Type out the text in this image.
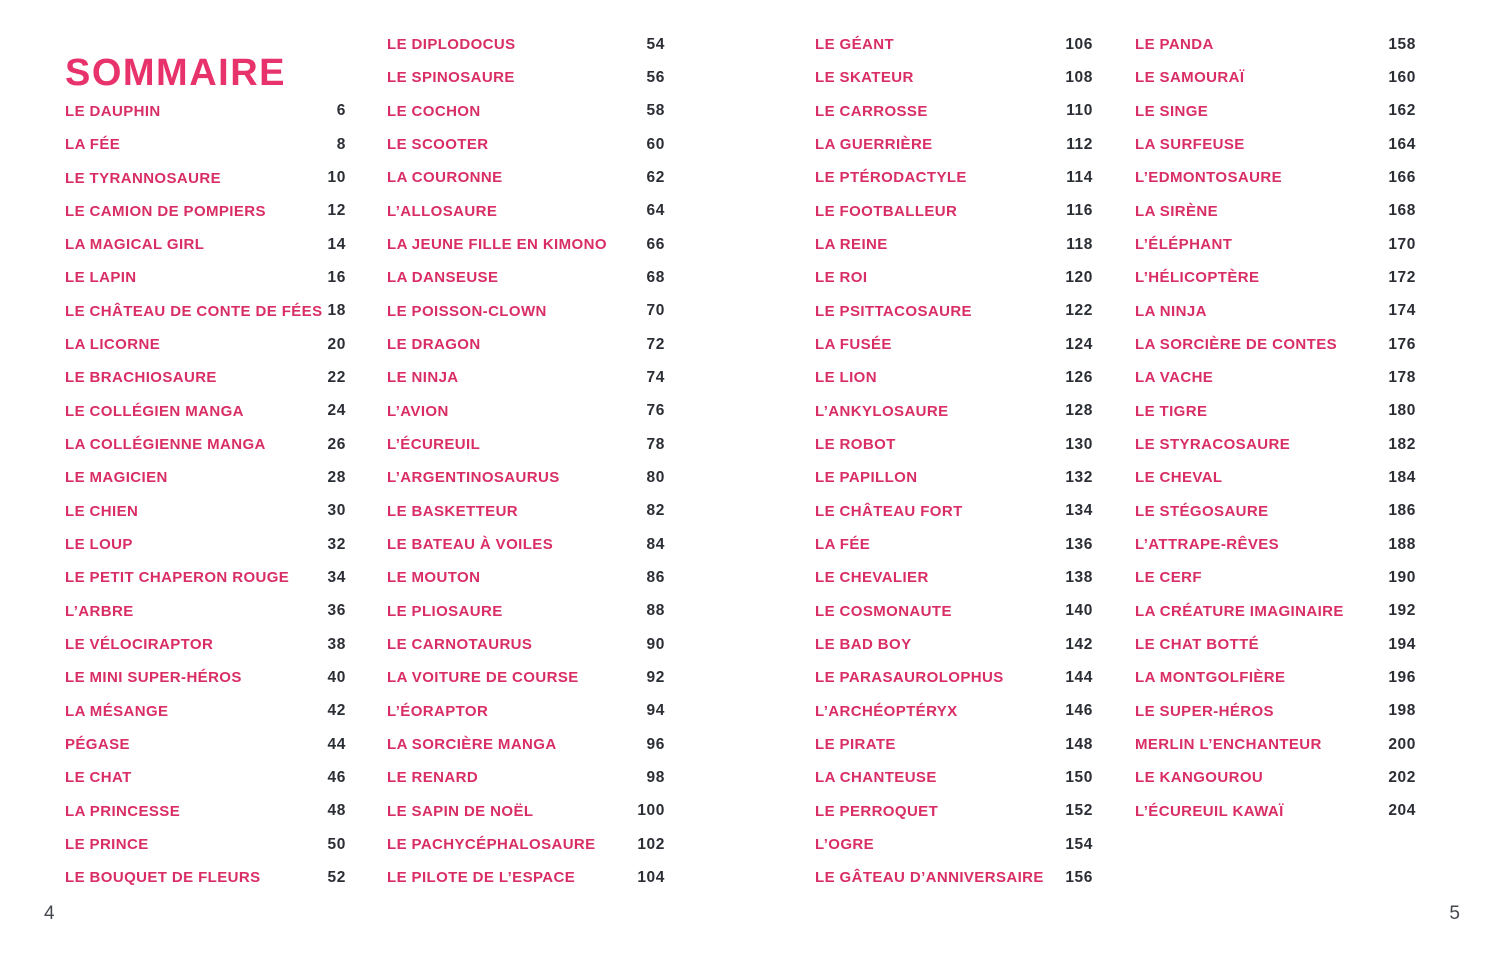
SOMMAIRE
LE DAUPHIN	6
LA FÉE	8
LE TYRANNOSAURE	10
LE CAMION DE POMPIERS	12
LA MAGICAL GIRL	14
LE LAPIN	16
LE CHÂTEAU DE CONTE DE FÉES 18
LA LICORNE	20
LE BRACHIOSAURE	22
LE COLLÉGIEN MANGA	24
LA COLLÉGIENNE MANGA	26
LE MAGICIEN	28
LE CHIEN	30
LE LOUP	32
LE PETIT CHAPERON ROUGE 34
L’ARBRE	36
LE VÉLOCIRAPTOR	38
LE MINI SUPER-HÉROS	40
LA MÉSANGE	42
PÉGASE	44
LE CHAT	46
LA PRINCESSE	48
LE PRINCE	50
LE BOUQUET DE FLEURS	52
LE DIPLODOCUS	54
LE SPINOSAURE	56
LE COCHON	58
LE SCOOTER	60
LA COURONNE	62
L’ALLOSAURE	64
LA JEUNE FILLE EN KIMONO	66
LA DANSEUSE	68
LE POISSON-CLOWN	70
LE DRAGON	72
LE NINJA	74
L’AVION	76
L’ÉCUREUIL	78
L’ARGENTINOSAURUS	80
LE BASKETTEUR	82
LE BATEAU À VOILES	84
LE MOUTON	86
LE PLIOSAURE	88
LE CARNOTAURUS	90
LA VOITURE DE COURSE	92
L’ÉORAPTOR	94
LA SORCIÈRE MANGA	96
LE RENARD	98
LE SAPIN DE NOËL	100
LE PACHYCÉPHALOSAURE	102
LE PILOTE DE L’ESPACE	104
LE GÉANT	106
LE SKATEUR	108
LE CARROSSE	110
LA GUERRIÈRE	112
LE PTÉRODACTYLE	114
LE FOOTBALLEUR	116
LA REINE	118
LE ROI	120
LE PSITTACOSAURE	122
LA FUSÉE	124
LE LION	126
L’ANKYLOSAURE	128
LE ROBOT	130
LE PAPILLON	132
LE CHÂTEAU FORT	134
LA FÉE	136
LE CHEVALIER	138
LE COSMONAUTE	140
LE BAD BOY	142
LE PARASAUROLOPHUS	144
L’ARCHÉOPTÉRYX	146
LE PIRATE	148
LA CHANTEUSE	150
LE PERROQUET	152
L’OGRE	154
LE GÂTEAU D’ANNIVERSAIRE 156
LE PANDA	158
LE SAMOURAÏ	160
LE SINGE	162
LA SURFEUSE	164
L’EDMONTOSAURE	166
LA SIRÈNE	168
L’ÉLÉPHANT	170
L’HÉLICOPTÈRE	172
LA NINJA	174
LA SORCIÈRE DE CONTES	176
LA VACHE	178
LE TIGRE	180
LE STYRACOSAURE	182
LE CHEVAL	184
LE STÉGOSAURE	186
L’ATTRAPE-RÊVES	188
LE CERF	190
LA CRÉATURE IMAGINAIRE	192
LE CHAT BOTTÉ	194
LA MONTGOLFIÈRE	196
LE SUPER-HÉROS	198
MERLIN L’ENCHANTEUR	200
LE KANGOUROU	202
L’ÉCUREUIL KAWAÏ	204
4	5
